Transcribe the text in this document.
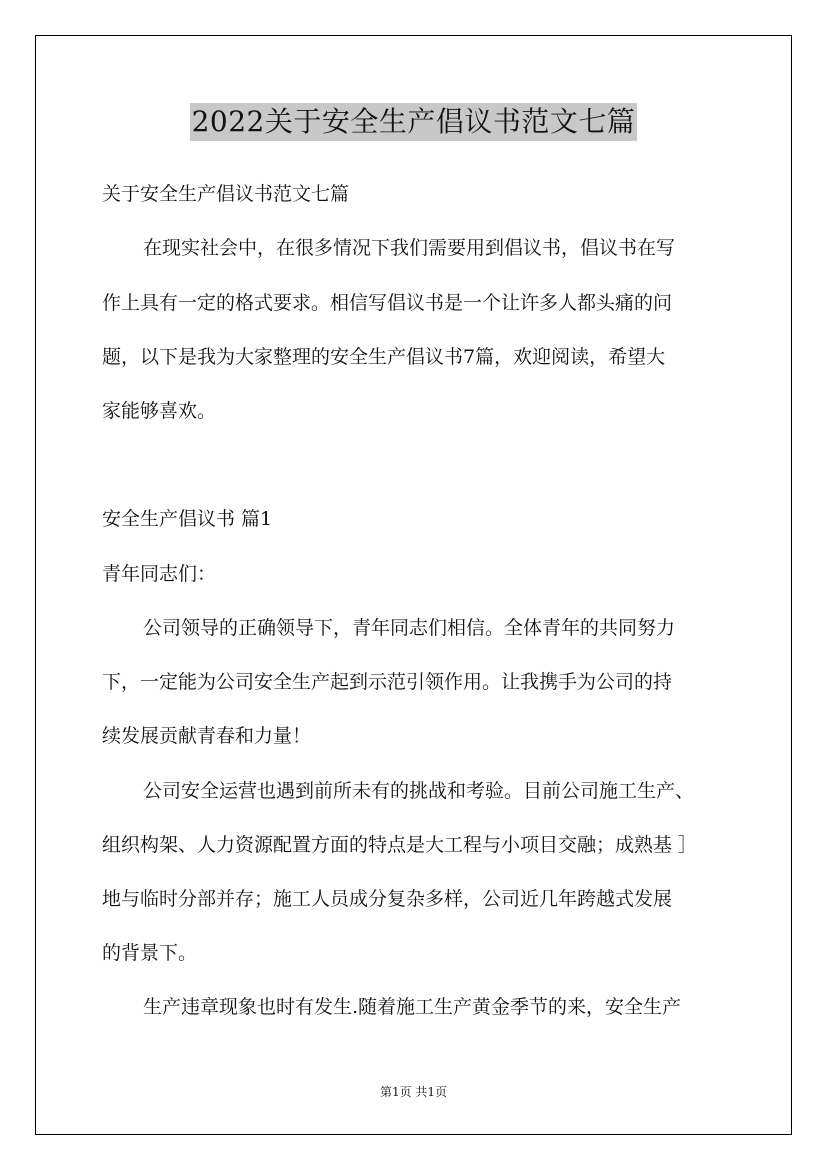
2022关于安全生产倡议书范文七篇
关于安全生产倡议书范文七篇
在现实社会中，在很多情况下我们需要用到倡议书，倡议书在写
作上具有一定的格式要求。相信写倡议书是一个让许多人都头痛的问
题，以下是我为大家整理的安全生产倡议书7篇，欢迎阅读，希望大
家能够喜欢。
安全生产倡议书 篇1
青年同志们：
公司领导的正确领导下，青年同志们相信。全体青年的共同努力
下，一定能为公司安全生产起到示范引领作用。让我携手为公司的持
续发展贡献青春和力量！
公司安全运营也遇到前所未有的挑战和考验。目前公司施工生产、
组织构架、人力资源配置方面的特点是大工程与小项目交融；成熟基 ］
地与临时分部并存；施工人员成分复杂多样，公司近几年跨越式发展
的背景下。
生产违章现象也时有发生.随着施工生产黄金季节的来，安全生产
第1页 共1页
